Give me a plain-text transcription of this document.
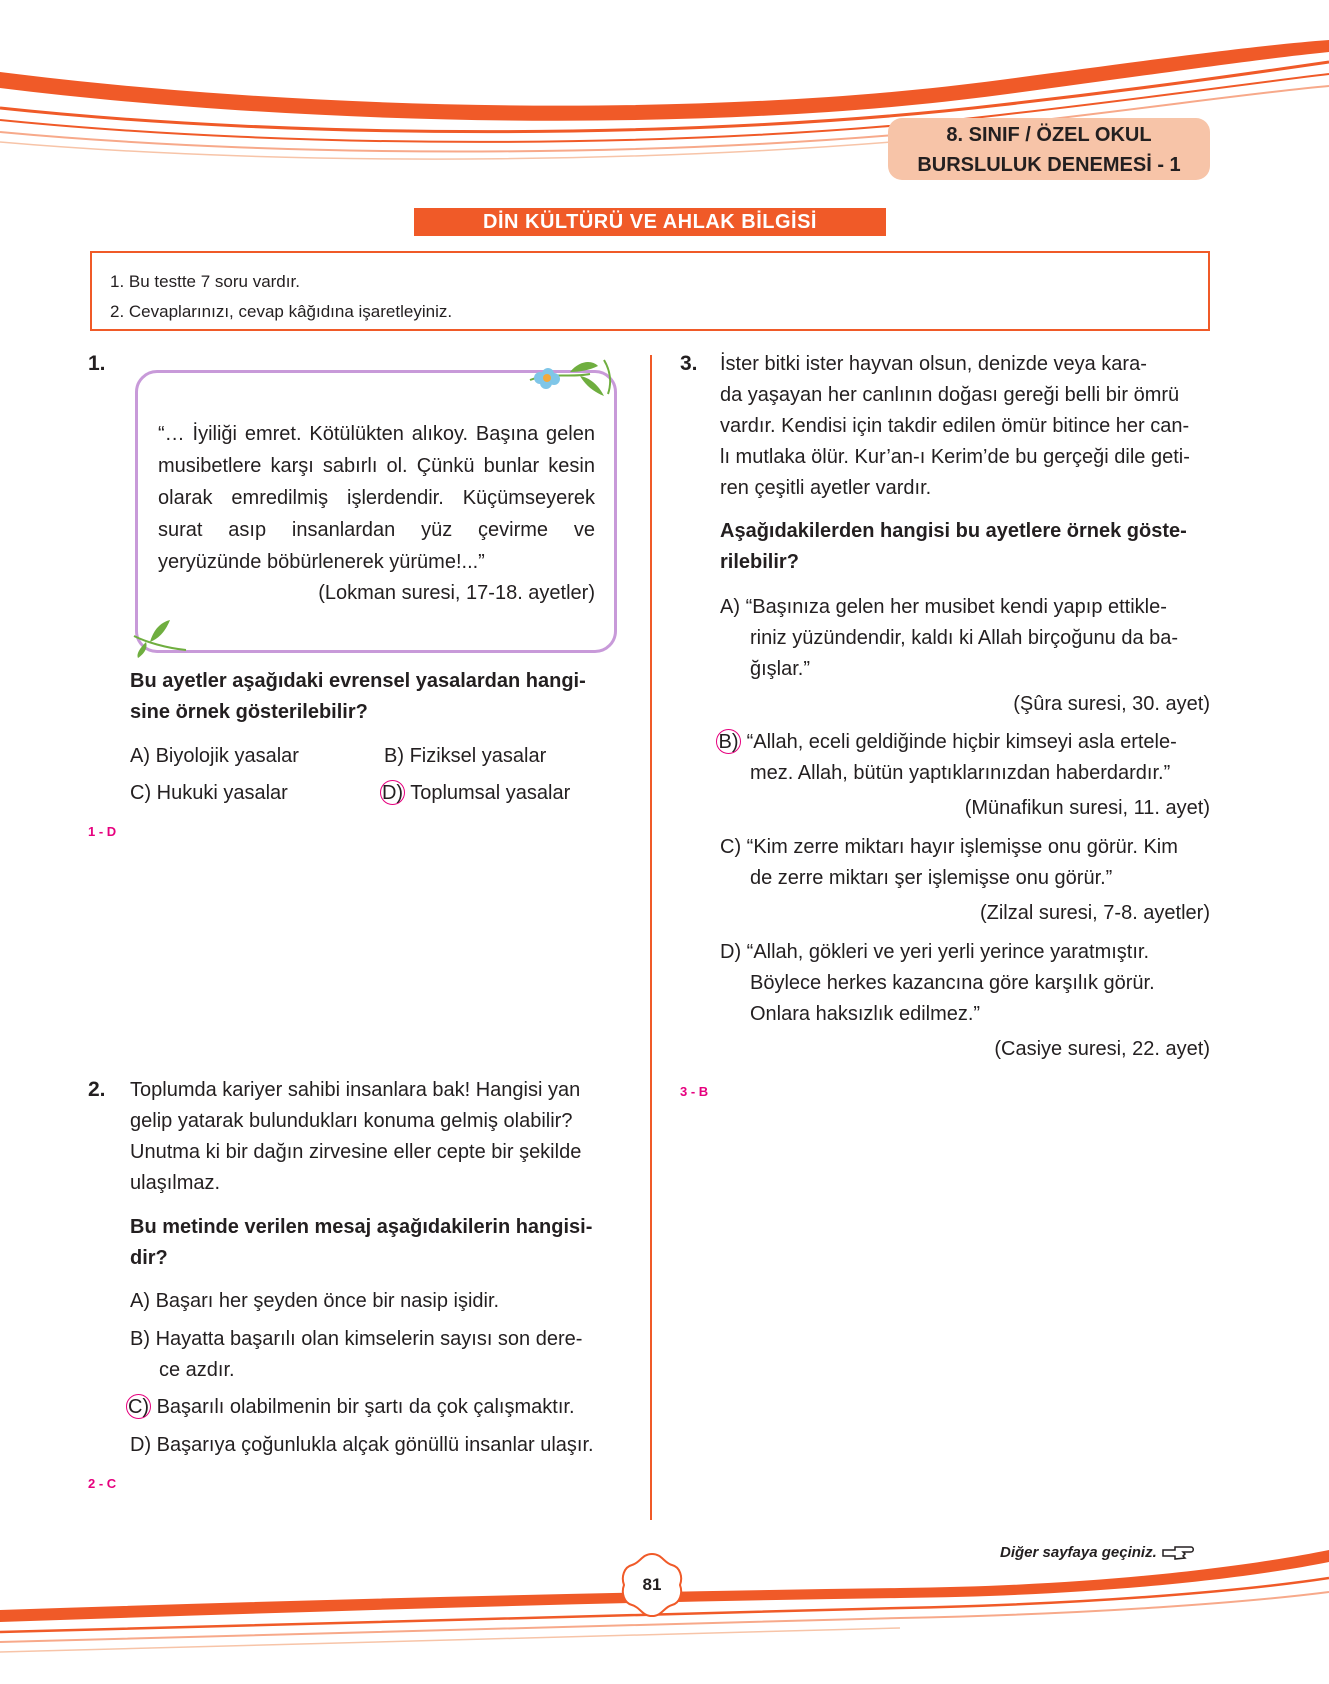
8. SINIF / ÖZEL OKUL
BURSLULUK DENEMESİ - 1
DİN KÜLTÜRÜ VE AHLAK BİLGİSİ
1. Bu testte 7 soru vardır.
2. Cevaplarınızı, cevap kâğıdına işaretleyiniz.
1.
“… İyiliği emret. Kötülükten alıkoy. Başına gelen musibetlere karşı sabırlı ol. Çünkü bunlar kesin olarak emredilmiş işlerdendir. Küçümseyerek surat asıp insanlardan yüz çevirme ve yeryüzünde böbürlenerek yürüme!...”
(Lokman suresi, 17-18. ayetler)
Bu ayetler aşağıdaki evrensel yasalardan hangi-
sine örnek gösterilebilir?
A) Biyolojik yasalar	B) Fiziksel yasalar
C) Hukuki yasalar	D) Toplumsal yasalar
1 - D
2. Toplumda kariyer sahibi insanlara bak! Hangisi yan
gelip yatarak bulundukları konuma gelmiş olabilir?
Unutma ki bir dağın zirvesine eller cepte bir şekilde
ulaşılmaz.
Bu metinde verilen mesaj aşağıdakilerin hangisi-
dir?
A) Başarı her şeyden önce bir nasip işidir.
B) Hayatta başarılı olan kimselerin sayısı son dere-
ce azdır.
C) Başarılı olabilmenin bir şartı da çok çalışmaktır.
D) Başarıya çoğunlukla alçak gönüllü insanlar ulaşır.
2 - C
3. İster bitki ister hayvan olsun, denizde veya kara-
da yaşayan her canlının doğası gereği belli bir ömrü
vardır. Kendisi için takdir edilen ömür bitince her can-
lı mutlaka ölür. Kur’an-ı Kerim’de bu gerçeği dile geti-
ren çeşitli ayetler vardır.
Aşağıdakilerden hangisi bu ayetlere örnek göste-
rilebilir?
A) “Başınıza gelen her musibet kendi yapıp ettikle-
riniz yüzündendir, kaldı ki Allah birçoğunu da ba-
ğışlar.”
(Şûra suresi, 30. ayet)
B) “Allah, eceli geldiğinde hiçbir kimseyi asla ertele-
mez. Allah, bütün yaptıklarınızdan haberdardır.”
(Münafikun suresi, 11. ayet)
C) “Kim zerre miktarı hayır işlemişse onu görür. Kim
de zerre miktarı şer işlemişse onu görür.”
(Zilzal suresi, 7-8. ayetler)
D) “Allah, gökleri ve yeri yerli yerince yaratmıştır.
Böylece herkes kazancına göre karşılık görür.
Onlara haksızlık edilmez.”
(Casiye suresi, 22. ayet)
3 - B
Diğer sayfaya geçiniz.
81
